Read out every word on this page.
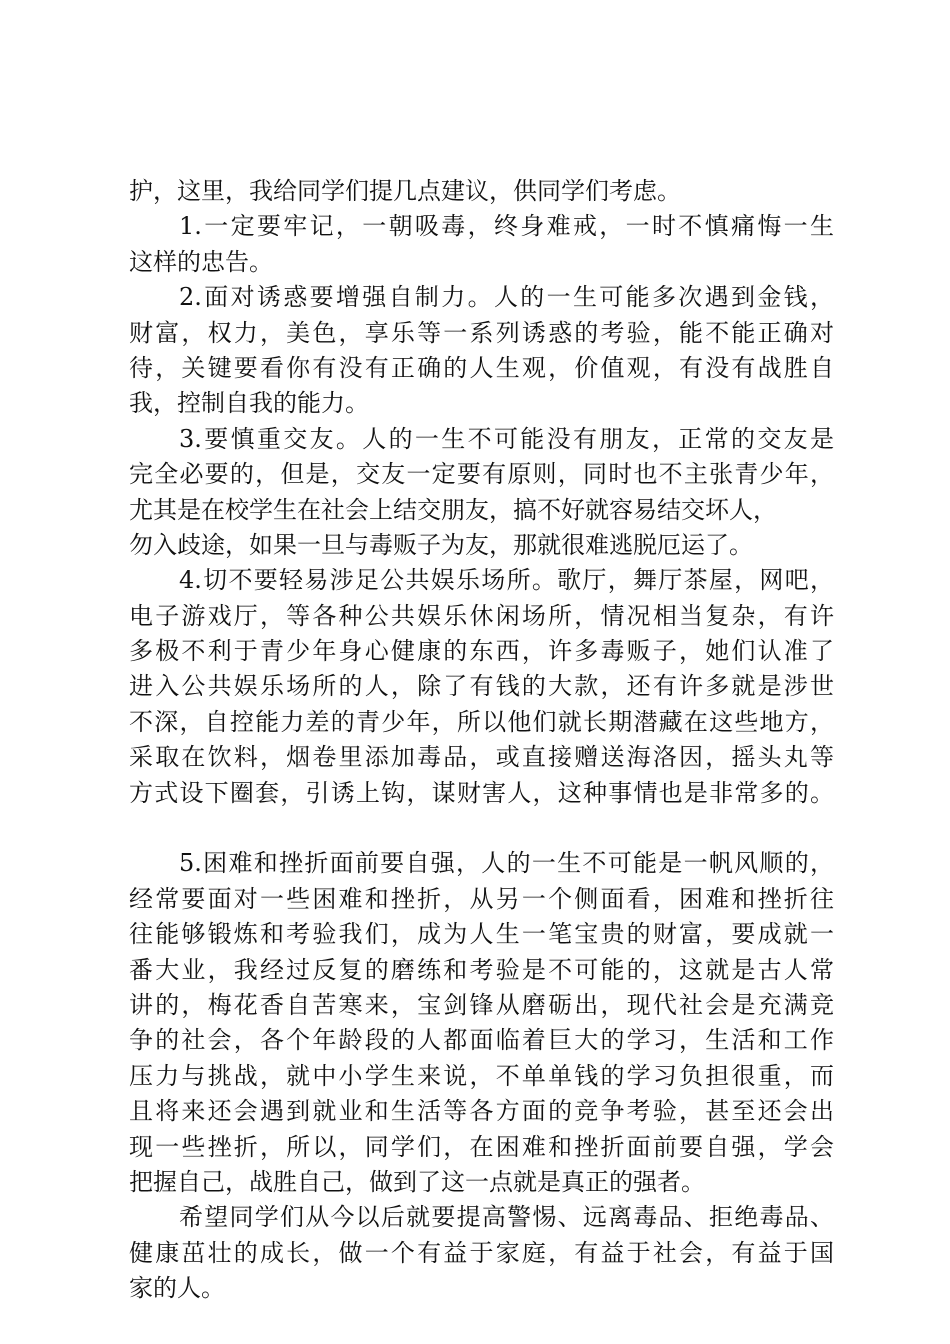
护，这里，我给同学们提几点建议，供同学们考虑。
1.一定要牢记，一朝吸毒，终身难戒，一时不慎痛悔一生
这样的忠告。
2.面对诱惑要增强自制力。人的一生可能多次遇到金钱，
财富，权力，美色，享乐等一系列诱惑的考验，能不能正确对
待，关键要看你有没有正确的人生观，价值观，有没有战胜自
我，控制自我的能力。
3.要慎重交友。人的一生不可能没有朋友，正常的交友是
完全必要的，但是，交友一定要有原则，同时也不主张青少年，
尤其是在校学生在社会上结交朋友，搞不好就容易结交坏人，
勿入歧途，如果一旦与毒贩子为友，那就很难逃脱厄运了。
4.切不要轻易涉足公共娱乐场所。歌厅，舞厅茶屋，网吧，
电子游戏厅，等各种公共娱乐休闲场所，情况相当复杂，有许
多极不利于青少年身心健康的东西，许多毒贩子，她们认准了
进入公共娱乐场所的人，除了有钱的大款，还有许多就是涉世
不深，自控能力差的青少年，所以他们就长期潜藏在这些地方，
采取在饮料，烟卷里添加毒品，或直接赠送海洛因，摇头丸等
方式设下圈套，引诱上钩，谋财害人，这种事情也是非常多的。
5.困难和挫折面前要自强，人的一生不可能是一帆风顺的，
经常要面对一些困难和挫折，从另一个侧面看，困难和挫折往
往能够锻炼和考验我们，成为人生一笔宝贵的财富，要成就一
番大业，我经过反复的磨练和考验是不可能的，这就是古人常
讲的，梅花香自苦寒来，宝剑锋从磨砺出，现代社会是充满竞
争的社会，各个年龄段的人都面临着巨大的学习，生活和工作
压力与挑战，就中小学生来说，不单单钱的学习负担很重，而
且将来还会遇到就业和生活等各方面的竞争考验，甚至还会出
现一些挫折，所以，同学们，在困难和挫折面前要自强，学会
把握自己，战胜自己，做到了这一点就是真正的强者。
希望同学们从今以后就要提高警惕、远离毒品、拒绝毒品、
健康茁壮的成长，做一个有益于家庭，有益于社会，有益于国
家的人。
